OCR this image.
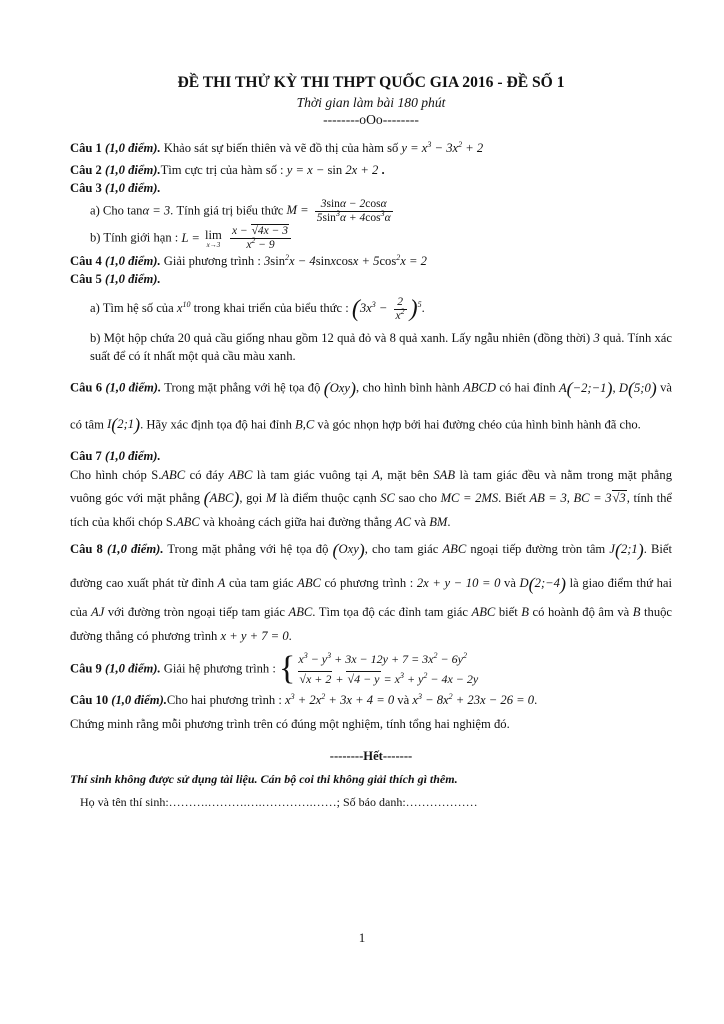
ĐỀ THI THỬ KỲ THI THPT QUỐC GIA 2016 - ĐỀ SỐ 1

Thời gian làm bài 180 phút

--------oOo--------

Câu 1 (1,0 điểm). Khảo sát sự biến thiên và vẽ đồ thị của hàm số $y = x^3 - 3x^2 + 2$

Câu 2 (1,0 điểm).Tìm cực trị của hàm số : y = x − sin 2x + 2 .

Câu 3 (1,0 điểm).

a) Cho tanα = 3. Tính giá trị biểu thức $M = \frac{3\sin\alpha - 2\cos\alpha}{5\sin^3\alpha + 4\cos^3\alpha}$

b) Tính giới hạn : L = lim
x→3
$\frac{x - √4x - 3}{x^2 - 9}$

Câu 4 (1,0 điểm). Giải phương trình : $3\sin^2x$ − 4sinxcosx + $5\cos^2x = 2$

Câu 5 (1,0 điểm).

a) Tìm hệ số của $x^{10}$ trong khai triển của biểu thức : $(3x^3 - \frac{2}{x^2} )^5$.

b) Một hộp chứa 20 quả cầu giống nhau gồm 12 quả đỏ và 8 quả xanh. Lấy ngẫu nhiên (đồng thời) 3 quả. Tính xác suất để có ít nhất một quả cầu màu xanh.

Câu 6 (1,0 điểm). Trong mặt phẳng với hệ tọa độ (Oxy), cho hình bình hành ABCD có hai đỉnh A(−2;−1), D(5;0) và có tâm I(2;1). Hãy xác định tọa độ hai đỉnh B,C và góc nhọn hợp bởi hai đường chéo của hình bình hành đã cho.

Câu 7 (1,0 điểm).

Cho hình chóp S.ABC có đáy ABC là tam giác vuông tại A, mặt bên SAB là tam giác đều và nằm trong mặt phẳng vuông góc với mặt phẳng (ABC), gọi M là điểm thuộc cạnh SC sao cho MC = 2MS. Biết AB = 3, BC = 3√3, tính thể tích của khối chóp S.ABC và khoảng cách giữa hai đường thẳng AC và BM.

Câu 8 (1,0 điểm). Trong mặt phẳng với hệ tọa độ (Oxy), cho tam giác ABC ngoại tiếp đường tròn tâm J(2;1). Biết đường cao xuất phát từ đỉnh A của tam giác ABC có phương trình : 2x + y − 10 = 0 và D(2;−4) là giao điểm thứ hai của AJ với đường tròn ngoại tiếp tam giác ABC. Tìm tọa độ các đỉnh tam giác ABC biết B có hoành độ âm và B thuộc đường thẳng có phương trình x + y + 7 = 0.

Câu 9 (1,0 điểm). Giải hệ phương trình : { $x^3 - y^3 + 3x - 12y + 7 = 3x^2 - 6y^2$
$√x + 2 + √4 - y = x^3 + y^2 - 4x - 2y$

Câu 10 (1,0 điểm).Cho hai phương trình : $x^3 + 2x^2 + 3x + 4 = 0$ và $x^3 - 8x^2 + 23x - 26 = 0$.

Chứng minh rằng mỗi phương trình trên có đúng một nghiệm, tính tổng hai nghiệm đó.

--------Hết-------

Thí sinh không được sử dụng tài liệu. Cán bộ coi thi không giải thích gì thêm.

Họ và tên thí sinh:……….……….….………….……; Số báo danh:………………

1
